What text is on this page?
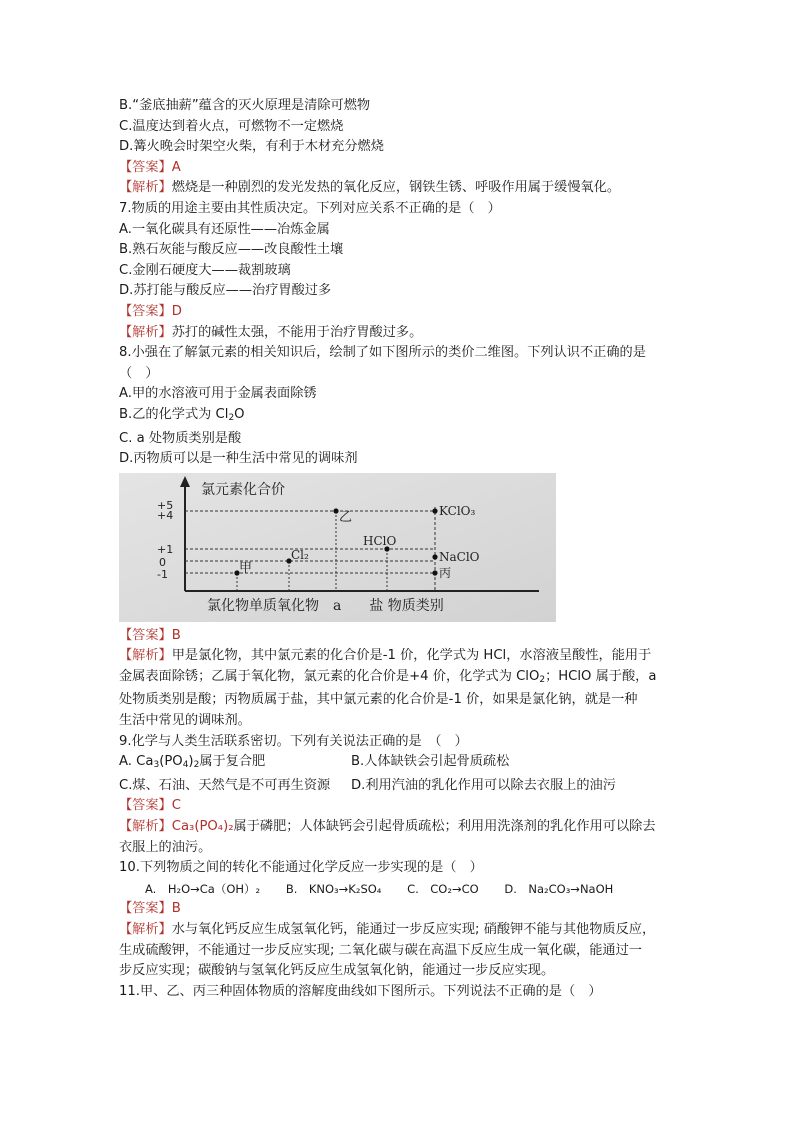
B.“釜底抽薪”蕴含的灭火原理是清除可燃物
C.温度达到着火点，可燃物不一定燃烧
D.篝火晚会时架空火柴，有利于木材充分燃烧
【答案】A
【解析】燃烧是一种剧烈的发光发热的氧化反应，钢铁生锈、呼吸作用属于缓慢氧化。
7.物质的用途主要由其性质决定。下列对应关系不正确的是（　）
A.一氧化碳具有还原性——冶炼金属
B.熟石灰能与酸反应——改良酸性土壤
C.金刚石硬度大——裁割玻璃
D.苏打能与酸反应——治疗胃酸过多
【答案】D
【解析】苏打的碱性太强，不能用于治疗胃酸过多。
8.小强在了解氯元素的相关知识后，绘制了如下图所示的类价二维图。下列认识不正确的是
（　）
A.甲的水溶液可用于金属表面除锈
B.乙的化学式为 $Cl_2O$
C. a 处物质类别是酸
D.丙物质可以是一种生活中常见的调味剂
氯元素化合价
+5
+4
+1
0
-1	甲
Cl₂
乙
HClO
KClO₃
NaClO
丙
氯化物单质氧化物　a　　盐 物质类别
【答案】B
【解析】甲是氯化物，其中氯元素的化合价是-1 价，化学式为 HCl，水溶液呈酸性，能用于
金属表面除锈；乙属于氧化物，氯元素的化合价是+4 价，化学式为 ClO$_2$；HClO 属于酸，a
处物质类别是酸；丙物质属于盐，其中氯元素的化合价是-1 价，如果是氯化钠，就是一种
生活中常见的调味剂。
9.化学与人类生活联系密切。下列有关说法正确的是　（　）
A. $Ca_3(PO_4)_2$属于复合肥	B.人体缺铁会引起骨质疏松
C.煤、石油、天然气是不可再生资源	D.利用汽油的乳化作用可以除去衣服上的油污
【答案】C
【解析】Ca₃(PO₄)₂属于磷肥；人体缺钙会引起骨质疏松；利用用洗涤剂的乳化作用可以除去
衣服上的油污。
10.下列物质之间的转化不能通过化学反应一步实现的是（　）
A.　H₂O→Ca（OH）₂ B.　KNO₃→K₂SO₄ C.　CO₂→CO D.　Na₂CO₃→NaOH
【答案】B
【解析】水与氧化钙反应生成氢氧化钙，能通过一步反应实现; 硝酸钾不能与其他物质反应，
生成硫酸钾，不能通过一步反应实现; 二氧化碳与碳在高温下反应生成一氧化碳，能通过一
步反应实现；碳酸钠与氢氧化钙反应生成氢氧化钠，能通过一步反应实现。
11.甲、乙、丙三种固体物质的溶解度曲线如下图所示。下列说法不正确的是（　）
